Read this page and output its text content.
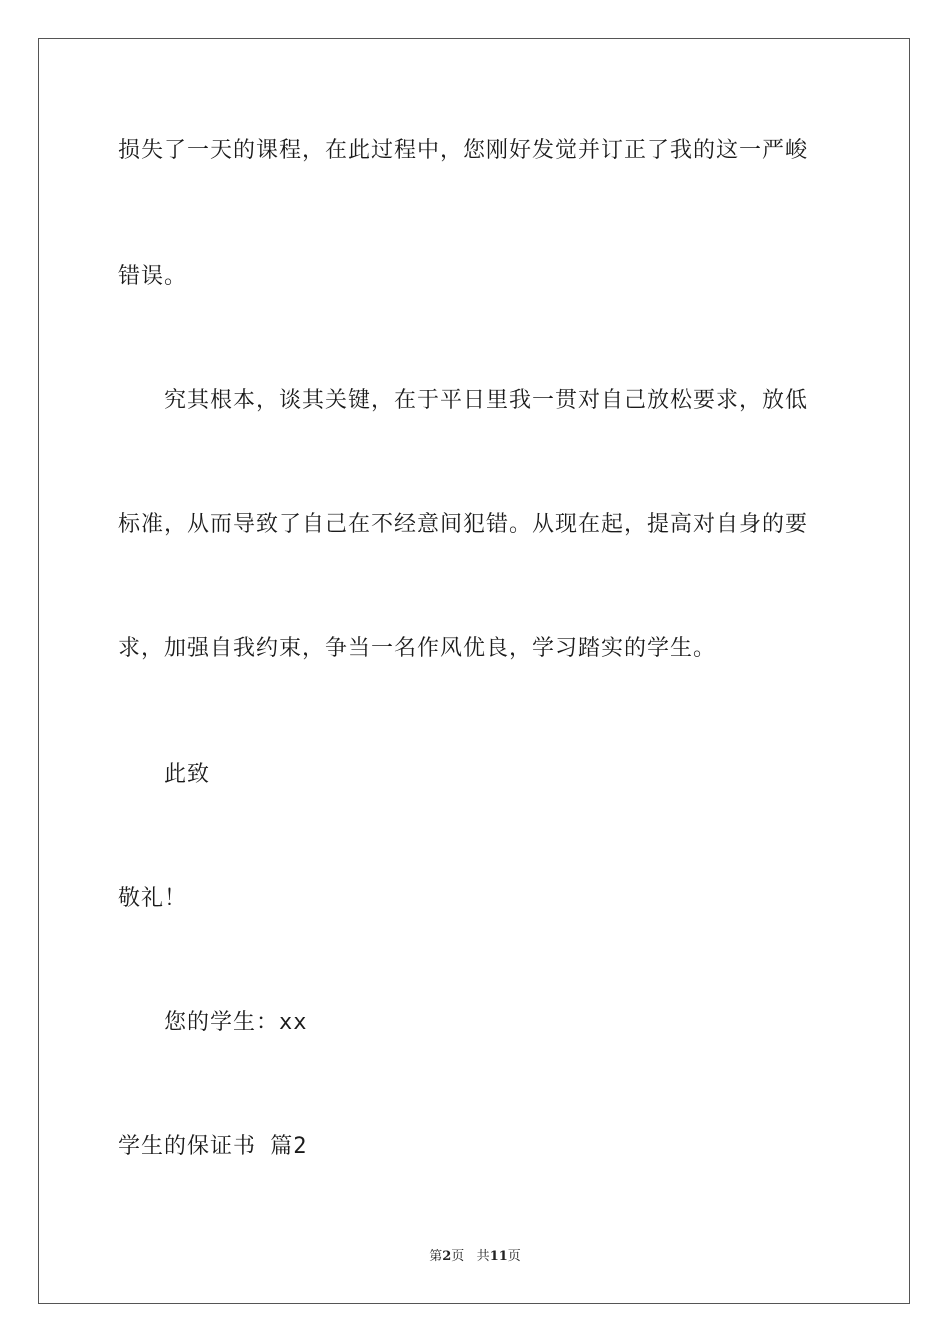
损失了一天的课程，在此过程中，您刚好发觉并订正了我的这一严峻
错误。
究其根本，谈其关键，在于平日里我一贯对自己放松要求，放低
标准，从而导致了自己在不经意间犯错。从现在起，提高对自身的要
求，加强自我约束，争当一名作风优良，学习踏实的学生。
此致
敬礼！
您的学生：xx
学生的保证书 篇2
第2页 共11页
